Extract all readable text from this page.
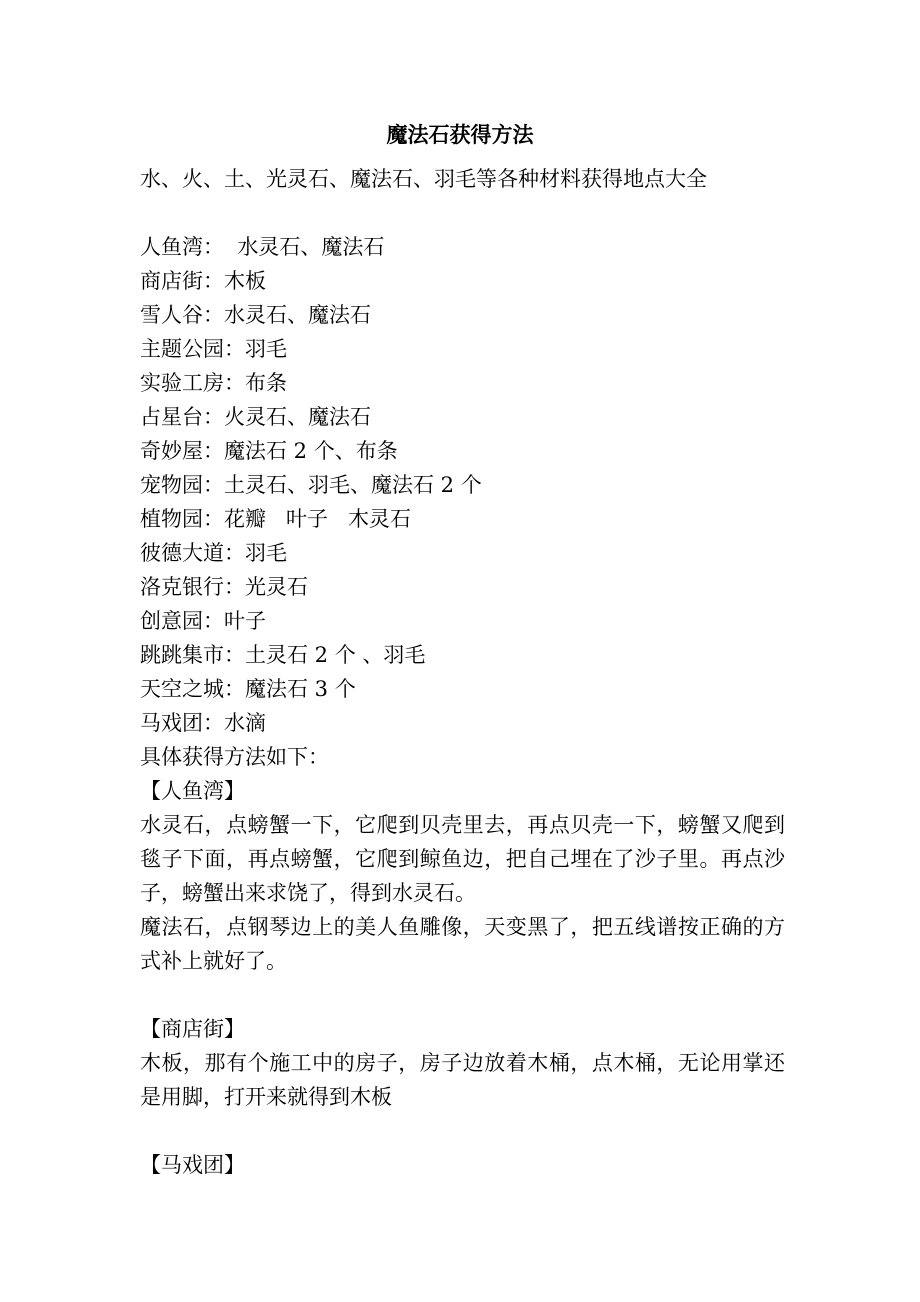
魔法石获得方法
水、火、土、光灵石、魔法石、羽毛等各种材料获得地点大全
人鱼湾：  水灵石、魔法石
商店街：木板
雪人谷：水灵石、魔法石
主题公园：羽毛
实验工房：布条
占星台：火灵石、魔法石
奇妙屋：魔法石 2 个、布条
宠物园：土灵石、羽毛、魔法石 2 个
植物园：花瓣   叶子   木灵石
彼德大道：羽毛
洛克银行：光灵石
创意园：叶子
跳跳集市：土灵石 2 个 、羽毛
天空之城：魔法石 3 个
马戏团：水滴
具体获得方法如下：
【人鱼湾】
水灵石，点螃蟹一下，它爬到贝壳里去，再点贝壳一下，螃蟹又爬到毯子下面，再点螃蟹，它爬到鲸鱼边，把自己埋在了沙子里。再点沙子，螃蟹出来求饶了，得到水灵石。
魔法石，点钢琴边上的美人鱼雕像，天变黑了，把五线谱按正确的方式补上就好了。
【商店街】
木板，那有个施工中的房子，房子边放着木桶，点木桶，无论用掌还是用脚，打开来就得到木板
【马戏团】
